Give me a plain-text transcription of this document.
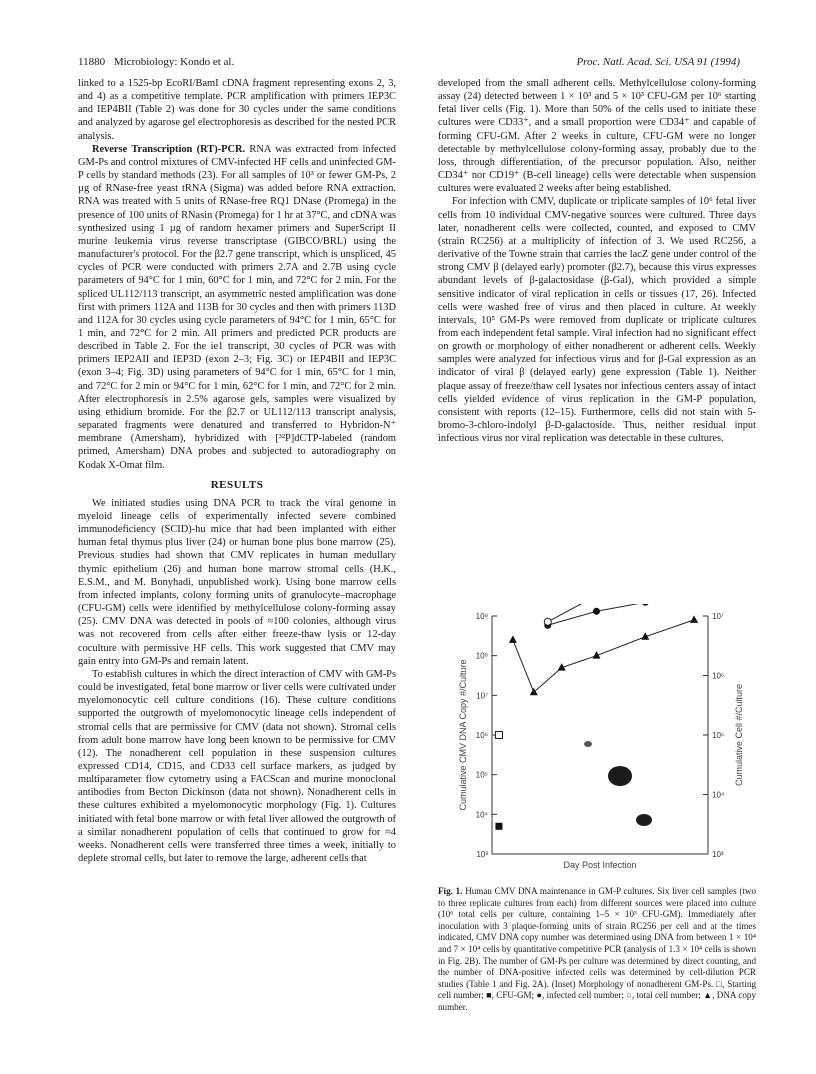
11880 Microbiology: Kondo et al.	Proc. Natl. Acad. Sci. USA 91 (1994)

linked to a 1525-bp EcoRI/BamI cDNA fragment representing exons 2, 3, and 4) as a competitive template. PCR amplification with primers IEP3C and IEP4BII (Table 2) was done for 30 cycles under the same conditions and analyzed by agarose gel electrophoresis as described for the nested PCR analysis.

Reverse Transcription (RT)-PCR. RNA was extracted from infected GM-Ps and control mixtures of CMV-infected HF cells and uninfected GM-P cells by standard methods (23). For all samples of 10³ or fewer GM-Ps, 2 µg of RNase-free yeast tRNA (Sigma) was added before RNA extraction. RNA was treated with 5 units of RNase-free RQ1 DNase (Promega) in the presence of 100 units of RNasin (Promega) for 1 hr at 37°C, and cDNA was synthesized using 1 µg of random hexamer primers and SuperScript II murine leukemia virus reverse transcriptase (GIBCO/BRL) using the manufacturer's protocol. For the β2.7 gene transcript, which is unspliced, 45 cycles of PCR were conducted with primers 2.7A and 2.7B using cycle parameters of 94°C for 1 min, 60°C for 1 min, and 72°C for 2 min. For the spliced UL112/113 transcript, an asymmetric nested amplification was done first with primers 112A and 113B for 30 cycles and then with primers 113D and 112A for 30 cycles using cycle parameters of 94°C for 1 min, 65°C for 1 min, and 72°C for 2 min. All primers and predicted PCR products are described in Table 2. For the ie1 transcript, 30 cycles of PCR was with primers IEP2AII and IEP3D (exon 2–3; Fig. 3C) or IEP4BII and IEP3C (exon 3–4; Fig. 3D) using parameters of 94°C for 1 min, 65°C for 1 min, and 72°C for 2 min or 94°C for 1 min, 62°C for 1 min, and 72°C for 2 min. After electrophoresis in 2.5% agarose gels, samples were visualized by using ethidium bromide. For the β2.7 or UL112/113 transcript analysis, separated fragments were denatured and transferred to Hybridon-N⁺ membrane (Amersham), hybridized with [³²P]dCTP-labeled (random primed, Amersham) DNA probes and subjected to autoradiography on Kodak X-Omat film.

RESULTS

We initiated studies using DNA PCR to track the viral genome in myeloid lineage cells of experimentally infected severe combined immunodeficiency (SCID)-hu mice that had been implanted with either human fetal thymus plus liver (24) or human bone plus bone marrow (25). Previous studies had shown that CMV replicates in human medullary thymic epithelium (26) and human bone marrow stromal cells (H.K., E.S.M., and M. Bonyhadi, unpublished work). Using bone marrow cells from infected implants, colony forming units of granulocyte–macrophage (CFU-GM) cells were identified by methylcellulose colony-forming assay (25). CMV DNA was detected in pools of ≈100 colonies, although virus was not recovered from cells after either freeze-thaw lysis or 12-day coculture with permissive HF cells. This work suggested that CMV may gain entry into GM-Ps and remain latent.

To establish cultures in which the direct interaction of CMV with GM-Ps could be investigated, fetal bone marrow or liver cells were cultivated under myelomonocytic cell culture conditions (16). These culture conditions supported the outgrowth of myelomonocytic lineage cells independent of stromal cells that are permissive for CMV (data not shown). Stromal cells from adult bone marrow have long been known to be permissive for CMV (12). The nonadherent cell population in these suspension cultures expressed CD14, CD15, and CD33 cell surface markers, as judged by multiparameter flow cytometry using a FACScan and murine monoclonal antibodies from Becton Dickinson (data not shown). Nonadherent cells in these cultures exhibited a myelomonocytic morphology (Fig. 1). Cultures initiated with fetal bone marrow or with fetal liver allowed the outgrowth of a similar nonadherent population of cells that continued to grow for ≈4 weeks. Nonadherent cells were transferred three times a week, initially to deplete stromal cells, but later to remove the large, adherent cells that

developed from the small adherent cells. Methylcellulose colony-forming assay (24) detected between 1 × 10³ and 5 × 10³ CFU-GM per 10⁶ starting fetal liver cells (Fig. 1). More than 50% of the cells used to initiate these cultures were CD33⁺, and a small proportion were CD34⁺ and capable of forming CFU-GM. After 2 weeks in culture, CFU-GM were no longer detectable by methylcellulose colony-forming assay, probably due to the loss, through differentiation, of the precursor population. Also, neither CD34⁺ nor CD19⁺ (B-cell lineage) cells were detectable when suspension cultures were evaluated 2 weeks after being established.

For infection with CMV, duplicate or triplicate samples of 10⁶ fetal liver cells from 10 individual CMV-negative sources were cultured. Three days later, nonadherent cells were collected, counted, and exposed to CMV (strain RC256) at a multiplicity of infection of 3. We used RC256, a derivative of the Towne strain that carries the lacZ gene under control of the strong CMV β (delayed early) promoter (β2.7), because this virus expresses abundant levels of β-galactosidase (β-Gal), which provided a simple sensitive indicator of viral replication in cells or tissues (17, 26). Infected cells were washed free of virus and then placed in culture. At weekly intervals, 10⁵ GM-Ps were removed from duplicate or triplicate cultures from each independent fetal sample. Viral infection had no significant effect on growth or morphology of either nonadherent or adherent cells. Weekly samples were analyzed for infectious virus and for β-Gal expression as an indicator of viral β (delayed early) gene expression (Table 1). Neither plaque assay of freeze/thaw cell lysates nor infectious centers assay of intact cells yielded evidence of virus replication in the GM-P population, consistent with reports (12–15). Furthermore, cells did not stain with 5-bromo-3-chloro-indolyl β-D-galactoside. Thus, neither residual input infectious virus nor viral replication was detectable in these cultures.

10⁹
10⁸
10⁷
10⁶
10⁵
10⁴
10³
10⁷
10⁶
10⁵
10⁴
10³
Cumulative CMV DNA Copy #/Culture	Cumulative Cell #/Culture
Day Post Infection
Fig. 1. Human CMV DNA maintenance in GM-P cultures. Six liver cell samples (two to three replicate cultures from each) from different sources were placed into culture (10⁶ total cells per culture, containing 1–5 × 10³ CFU-GM). Immediately after inoculation with 3 plaque-forming units of strain RC256 per cell and at the times indicated, CMV DNA copy number was determined using DNA from between 1 × 10⁴ and 7 × 10⁴ cells by quantitative competitive PCR (analysis of 1.3 × 10⁴ cells is shown in Fig. 2B). The number of GM-Ps per culture was determined by direct counting, and the number of DNA-positive infected cells was determined by cell-dilution PCR studies (Table 1 and Fig. 2A). (Inset) Morphology of nonadherent GM-Ps. □, Starting cell number; ■, CFU-GM; ●, infected cell number; ○, total cell number; ▲, DNA copy number.
